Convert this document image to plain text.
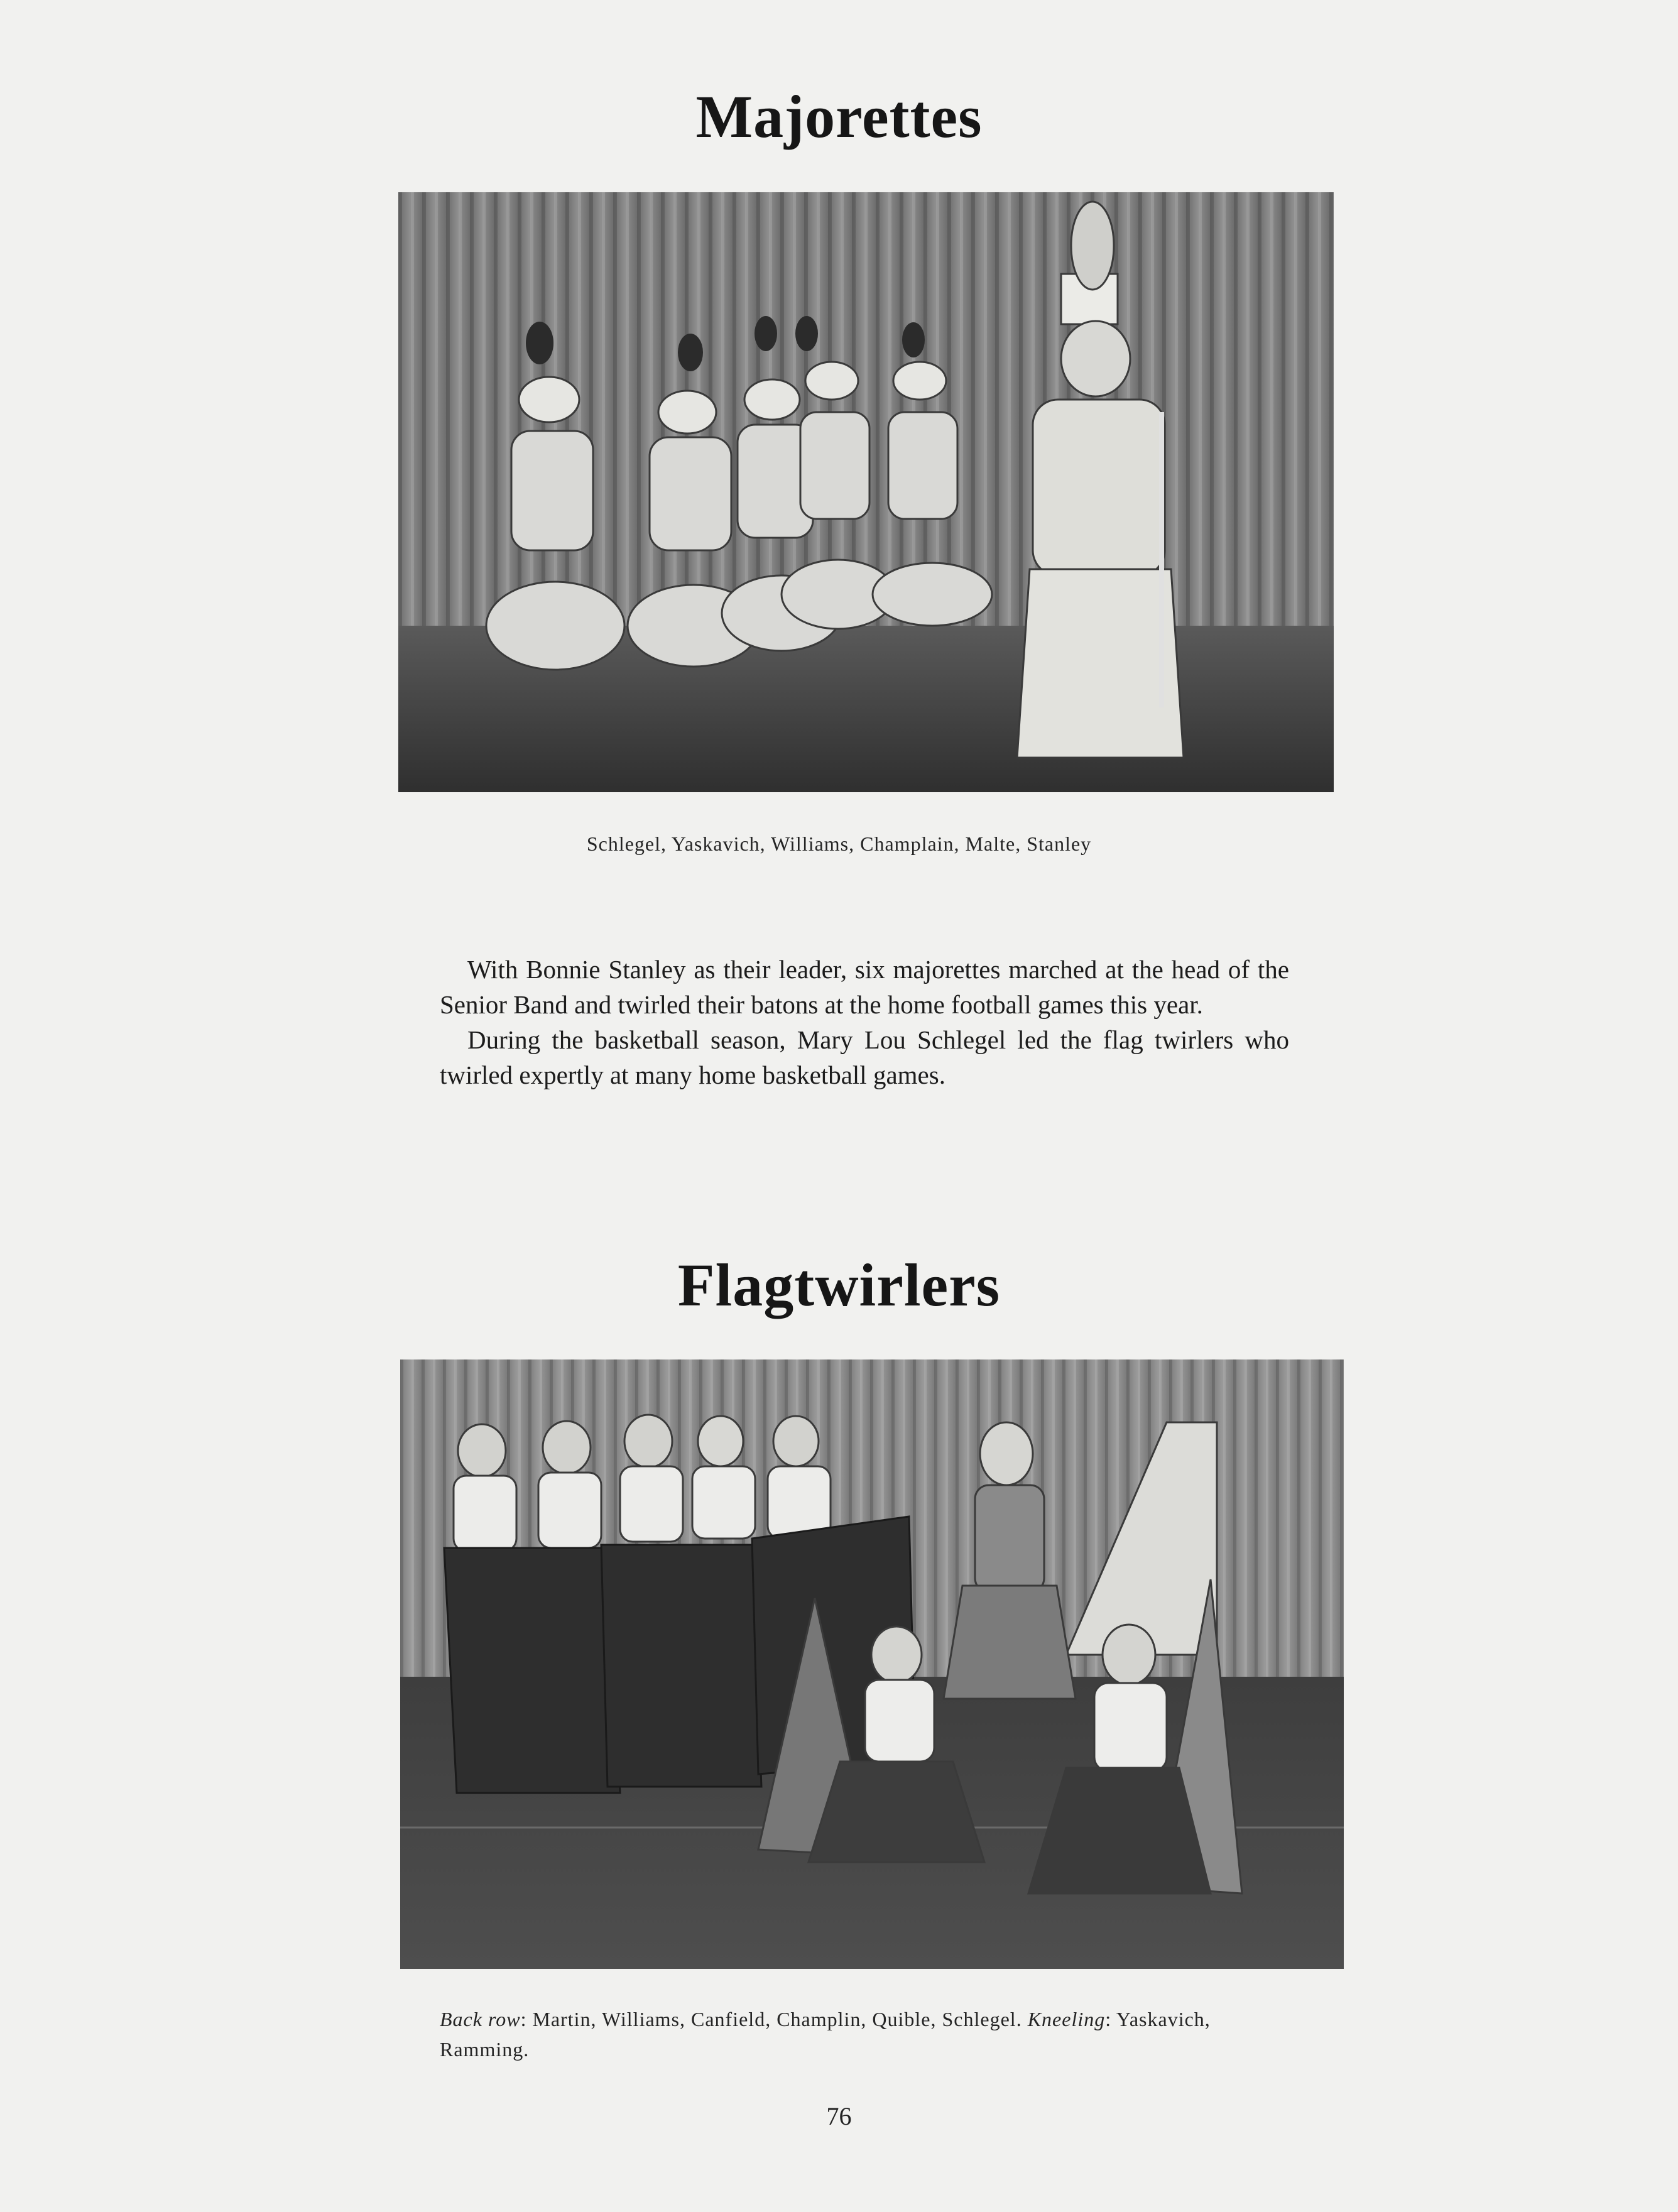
Majorettes

Schlegel, Yaskavich, Williams, Champlain, Malte, Stanley

With Bonnie Stanley as their leader, six majorettes marched at the head of the Senior Band and twirled their batons at the home football games this year.

During the basketball season, Mary Lou Schlegel led the flag twirlers who twirled expertly at many home basketball games.

Flagtwirlers

Back row: Martin, Williams, Canfield, Champlin, Quible, Schlegel. Kneeling: Yaskavich, Ramming.

76
